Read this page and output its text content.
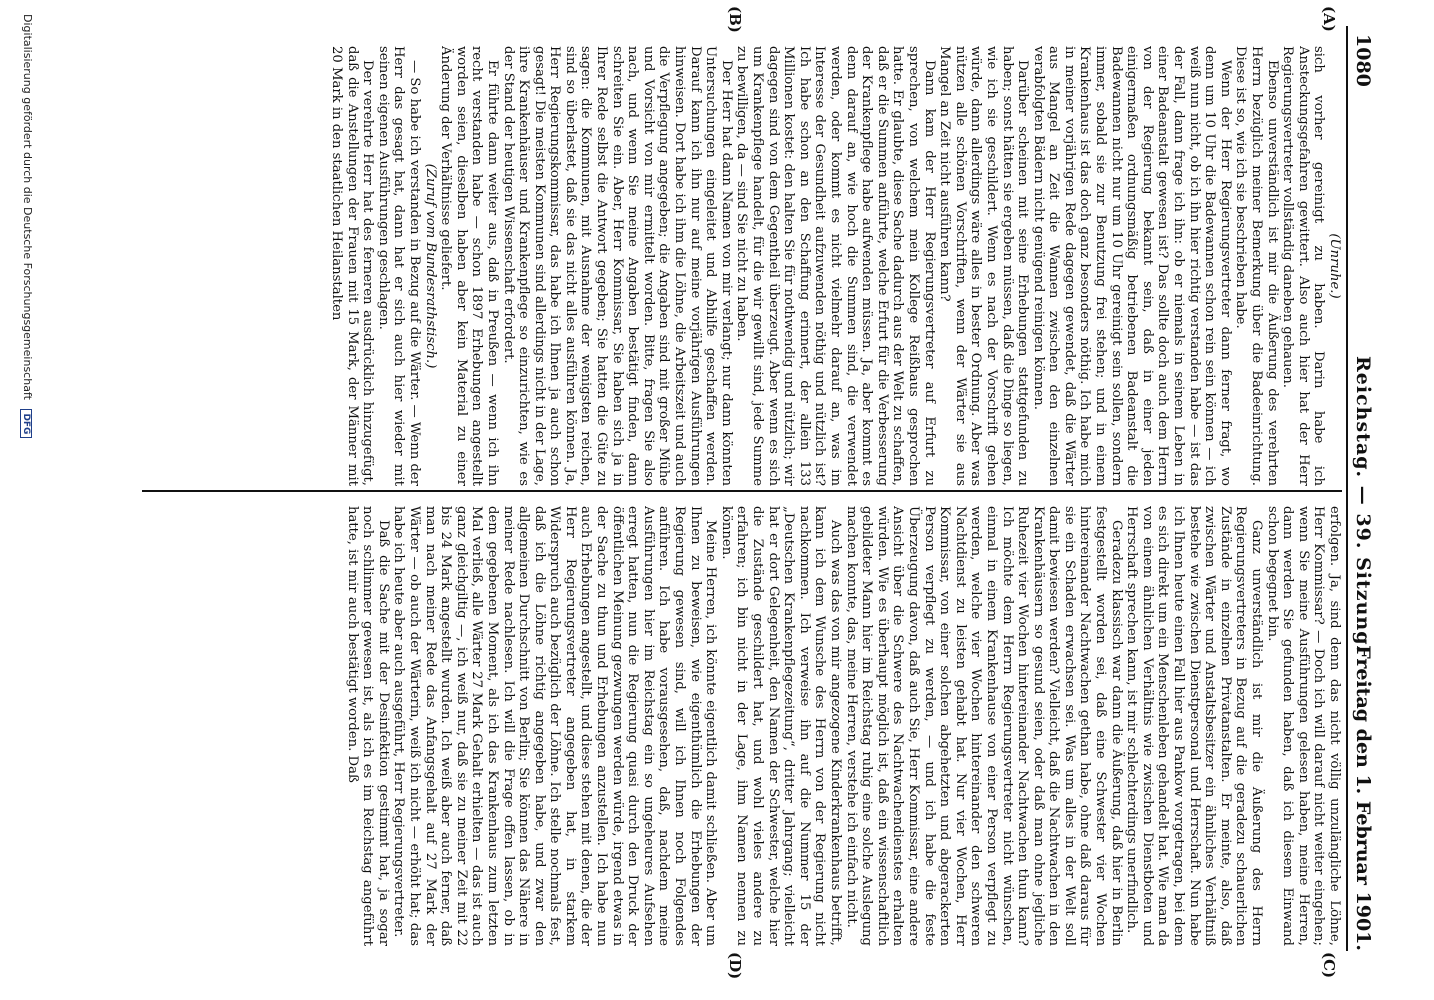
1080
Reichstag. — 39. Sitzung.
Freitag den 1. Februar 1901.
(A)
(B)
(C)
(D)

(Unruhe.)

sich vorher gereinigt zu haben. Darin habe ich Ansteckungsgefahren gewittert. Also auch hier hat der Herr Regierungsvertreter vollständig daneben gehauen.

Ebenso unverständlich ist mir die Äußerung des verehrten Herrn bezüglich meiner Bemerkung über die Badeeinrichtung. Diese ist so, wie ich sie beschrieben habe.

Wenn der Herr Regierungsvertreter dann ferner fragt, wo denn um 10 Uhr die Badewannen schon rein sein können — ich weiß nun nicht, ob ich ihn hier richtig verstanden habe — ist das der Fall, dann frage ich ihn: ob er niemals in seinem Leben in einer Badeanstalt gewesen ist? Das sollte doch auch dem Herrn von der Regierung bekannt sein, daß in einer jeden einigermaßen ordnungsmäßig betriebenen Badeanstalt die Badewannen nicht nur um 10 Uhr gereinigt sein sollen, sondern immer, sobald sie zur Benutzung frei stehen; und in einem Krankenhaus ist das doch ganz besonders nöthig. Ich habe mich in meiner vorjährigen Rede dagegen gewendet, daß die Wärter aus Mangel an Zeit die Wannen zwischen den einzelnen verabfolgten Bädern nicht genügend reinigen können.

Darüber scheinen mit seine Erhebungen stattgefunden zu haben; sonst hätten sie ergeben müssen, daß die Dinge so liegen, wie ich sie geschildert. Wenn es nach der Vorschrift gehen würde, dann allerdings wäre alles in bester Ordnung. Aber was nützen alle schönen Vorschriften, wenn der Wärter sie aus Mangel an Zeit nicht ausführen kann?

Dann kam der Herr Regierungsvertreter auf Erfurt zu sprechen, von welchem mein Kollege Reißhaus gesprochen hatte. Er glaubte, diese Sache dadurch aus der Welt zu schaffen, daß er die Summen anführte, welche Erfurt für die Verbesserung der Krankenpflege habe aufwenden müssen. Ja, aber kommt es denn darauf an, wie hoch die Summen sind, die verwendet werden, oder kommt es nicht vielmehr darauf an, was im Interesse der Gesundheit aufzuwenden nöthig und nützlich ist? Ich habe schon an den Schaffung erinnert, der allein 133 Millionen kostet: den halten Sie für nothwendig und nützlich; wir dagegen sind von dem Gegentheil überzeugt. Aber wenn es sich um Krankenpflege handelt, für die wir gewillt sind, jede Summe zu bewilligen, da — sind Sie nicht zu haben.

Der Herr hat dann Namen von mir verlangt; nur dann könnten Untersuchungen eingeleitet und Abhilfe geschaffen werden. Darauf kann ich ihn nur auf meine vorjährigen Ausführungen hinweisen. Dort habe ich ihm die Löhne, die Arbeitszeit und auch die Verpflegung angegeben; die Angaben sind mit großer Mühe und Vorsicht von mir ermittelt worden. Bitte, fragen Sie also nach, und wenn Sie meine Angaben bestätigt finden, dann schreiten Sie ein. Aber, Herr Kommissar, Sie haben sich ja in Ihrer Rede selbst die Antwort gegeben; Sie hatten die Güte zu sagen: die Kommunen, mit Ausnahme der wenigsten reichen, sind so überlastet, daß sie das nicht alles ausführen können. Ja, Herr Regierungskommissar, das habe ich Ihnen ja auch schon gesagt! Die meisten Kommunen sind allerdings nicht in der Lage, ihre Krankenhäuser und Krankenpflege so einzurichten, wie es der Stand der heutigen Wissenschaft erfordert.

Er führte dann weiter aus, daß in Preußen — wenn ich ihn recht verstanden habe — schon 1897 Erhebungen angestellt worden seien, dieselben haben aber kein Material zu einer Änderung der Verhältnisse geliefert.

(Zuruf vom Bundesrathstisch.)

— So habe ich verstanden in Bezug auf die Wärter. — Wenn der Herr das gesagt hat, dann hat er sich auch hier wieder mit seinen eigenen Ausführungen geschlagen.

Der verehrte Herr hat des ferneren ausdrücklich hinzugefügt, daß die Anstellungen der Frauen mit 15 Mark, der Männer mit 20 Mark in den staatlichen Heilanstalten

erfolgen. Ja, sind denn das nicht völlig unzulängliche Löhne, Herr Kommissar? — Doch ich will darauf nicht weiter eingehen; wenn Sie meine Ausführungen gelesen haben, meine Herren, dann werden Sie gefunden haben, daß ich diesem Einwand schon begegnet bin.

Ganz unverständlich ist mir die Äußerung des Herrn Regierungsvertreters in Bezug auf die geradezu schauerlichen Zustände in einzelnen Privatanstalten. Er meinte, also, daß zwischen Wärter und Anstaltsbesitzer ein ähnliches Verhältniß bestehe wie zwischen Dienstpersonal und Herrschaft. Nun habe ich Ihnen heute einen Fall hier aus Pankow vorgetragen, bei dem es sich direkt um ein Menschenleben gehandelt hat. Wie man da von einem ähnlichen Verhältnis wie zwischen Dienstboten und Herrschaft sprechen kann, ist mir schlechterdings unerfindlich.

Geradezu klassisch war dann die Äußerung, daß hier in Berlin festgestellt worden sei, daß eine Schwester vier Wochen hintereinander Nachtwachen gethan habe, ohne daß daraus für sie ein Schaden erwachsen sei. Was um alles in der Welt soll damit bewiesen werden? Vielleicht, daß die Nachtwachen in den Krankenhäusern so gesund seien, oder daß man ohne jegliche Ruhezeit vier Wochen hintereinander Nachtwachen thun kann? Ich möchte dem Herrn Regierungsvertreter nicht wünschen, einmal in einem Krankenhause von einer Person verpflegt zu werden, welche vier Wochen hintereinander den schweren Nachtdienst zu leisten gehabt hat. Nur vier Wochen, Herr Kommissar, von einer solchen abgehetzten und abgerackerten Person verpflegt zu werden, — und ich habe die feste Überzeugung davon, daß auch Sie, Herr Kommissar, eine andere Ansicht über die Schwere des Nachtwachendienstes erhalten würden. Wie es überhaupt möglich ist, daß ein wissenschaftlich gebildeter Mann hier im Reichstag ruhig eine solche Auslegung machen konnte, das, meine Herren, verstehe ich einfach nicht.

Auch was das von mir angezogene Kinderkrankenhaus betrifft, kann ich dem Wunsche des Herrn von der Regierung nicht nachkommen. Ich verweise ihn auf die Nummer 15 der „Deutschen Krankenpflegezeitung“, dritter Jahrgang; vielleicht hat er dort Gelegenheit, den Namen der Schwester, welche hier die Zustände geschildert hat, und wohl vieles andere zu erfahren; ich bin nicht in der Lage, ihm Namen nennen zu können.

Meine Herren, ich könnte eigentlich damit schließen. Aber um Ihnen zu beweisen, wie eigenthümlich die Erhebungen der Regierung gewesen sind, will ich Ihnen noch Folgendes anführen. Ich habe vorausgesehen, daß, nachdem meine Ausführungen hier im Reichstag ein so ungeheures Aufsehen erregt hatten, nun die Regierung quasi durch den Druck der öffentlichen Meinung gezwungen werden würde, irgend etwas in der Sache zu thun und Erhebungen anzustellen. Ich habe nun auch Erhebungen angestellt, und diese stehen mit denen, die der Herr Regierungsvertreter angegeben hat, in starkem Widerspruch auch bezüglich der Löhne. Ich stelle nochmals fest, daß ich die Löhne richtig angegeben habe, und zwar den allgemeinen Durchschnitt von Berlin; Sie können das Nähere in meiner Rede nachlesen. Ich will die Frage offen lassen, ob in dem gegebenen Moment, als ich das Krankenhaus zum letzten Mal verließ, alle Wärter 27 Mark Gehalt erhielten — das ist auch ganz gleichgiltig —, ich weiß nur, daß sie zu meiner Zeit mit 22 bis 24 Mark angestellt wurden. Ich weiß aber auch ferner, daß man nach meiner Rede das Anfangsgehalt auf 27 Mark der Wärter — ob auch der Wärterin, weiß ich nicht — erhöht hat; das habe ich heute aber auch ausgeführt, Herr Regierungsvertreter.

Daß die Sache mit der Desinfektion gestimmt hat, ja sogar noch schlimmer gewesen ist, als ich es im Reichstag angeführt hatte, ist mir auch bestätigt worden. Daß

Digitalisierung gefördert durch die Deutsche Forschungsgemeinschaft DFG
